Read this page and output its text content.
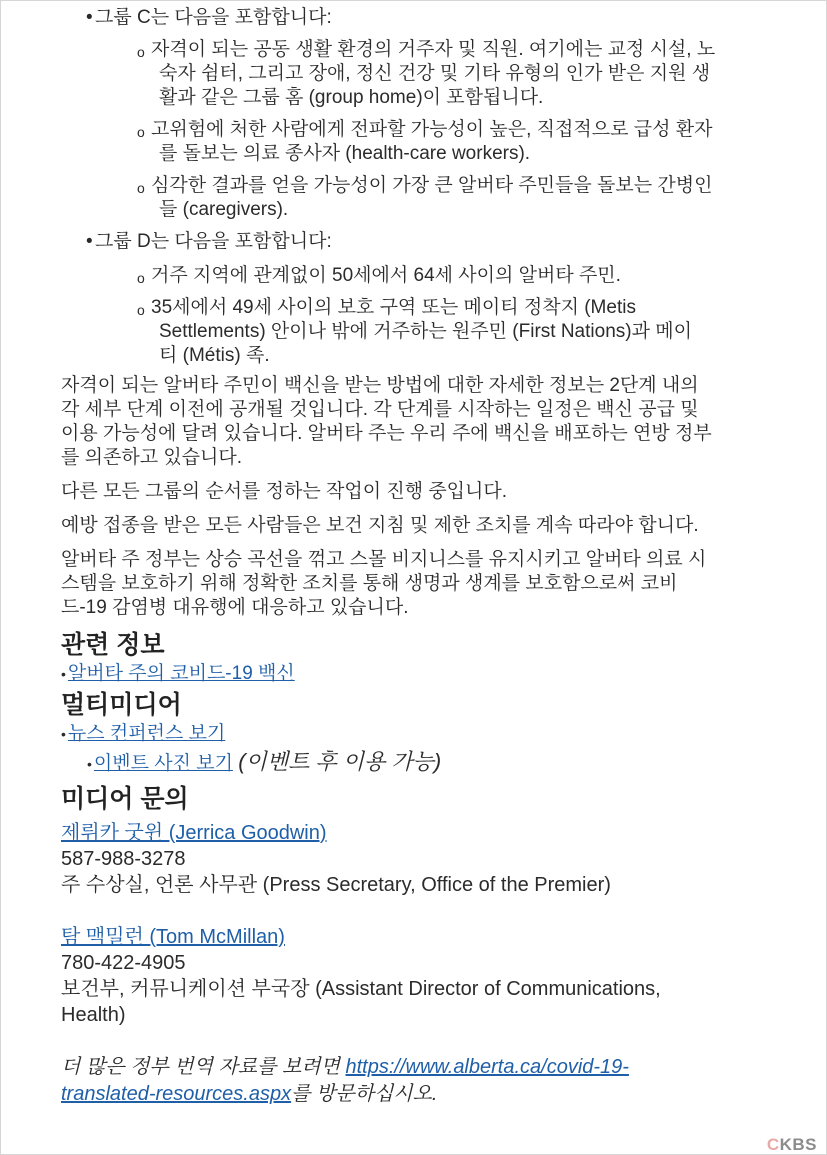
• 그룹 C는 다음을 포함합니다:
o 자격이 되는 공동 생활 환경의 거주자 및 직원. 여기에는 교정 시설, 노
숙자 쉼터, 그리고 장애, 정신 건강 및 기타 유형의 인가 받은 지원 생
활과 같은 그룹 홈 (group home)이 포함됩니다.
o 고위험에 처한 사람에게 전파할 가능성이 높은, 직접적으로 급성 환자
를 돌보는 의료 종사자 (health-care workers).
o 심각한 결과를 얻을 가능성이 가장 큰 알버타 주민들을 돌보는 간병인
들 (caregivers).
• 그룹 D는 다음을 포함합니다:
o 거주 지역에 관계없이 50세에서 64세 사이의 알버타 주민.
o 35세에서 49세 사이의 보호 구역 또는 메이티 정착지 (Metis
Settlements) 안이나 밖에 거주하는 원주민 (First Nations)과 메이
티 (Métis) 족.

자격이 되는 알버타 주민이 백신을 받는 방법에 대한 자세한 정보는 2단계 내의
각 세부 단계 이전에 공개될 것입니다. 각 단계를 시작하는 일정은 백신 공급 및
이용 가능성에 달려 있습니다. 알버타 주는 우리 주에 백신을 배포하는 연방 정부
를 의존하고 있습니다.

다른 모든 그룹의 순서를 정하는 작업이 진행 중입니다.

예방 접종을 받은 모든 사람들은 보건 지침 및 제한 조치를 계속 따라야 합니다.

알버타 주 정부는 상승 곡선을 꺾고 스몰 비지니스를 유지시키고 알버타 의료 시
스템을 보호하기 위해 정확한 조치를 통해 생명과 생계를 보호함으로써 코비
드-19 감염병 대유행에 대응하고 있습니다.

관련 정보
• 알버타 주의 코비드-19 백신
멀티미디어
• 뉴스 컨퍼런스 보기
• 이벤트 사진 보기 (이벤트 후 이용 가능)
미디어 문의
제뤼카 굿윈 (Jerrica Goodwin)
587-988-3278
주 수상실, 언론 사무관 (Press Secretary, Office of the Premier)
탐 맥밀런 (Tom McMillan)
780-422-4905
보건부, 커뮤니케이션 부국장 (Assistant Director of Communications,
Health)
더 많은 정부 번역 자료를 보려면 https://www.alberta.ca/covid-19-
translated-resources.aspx를 방문하십시오.
CKBS
